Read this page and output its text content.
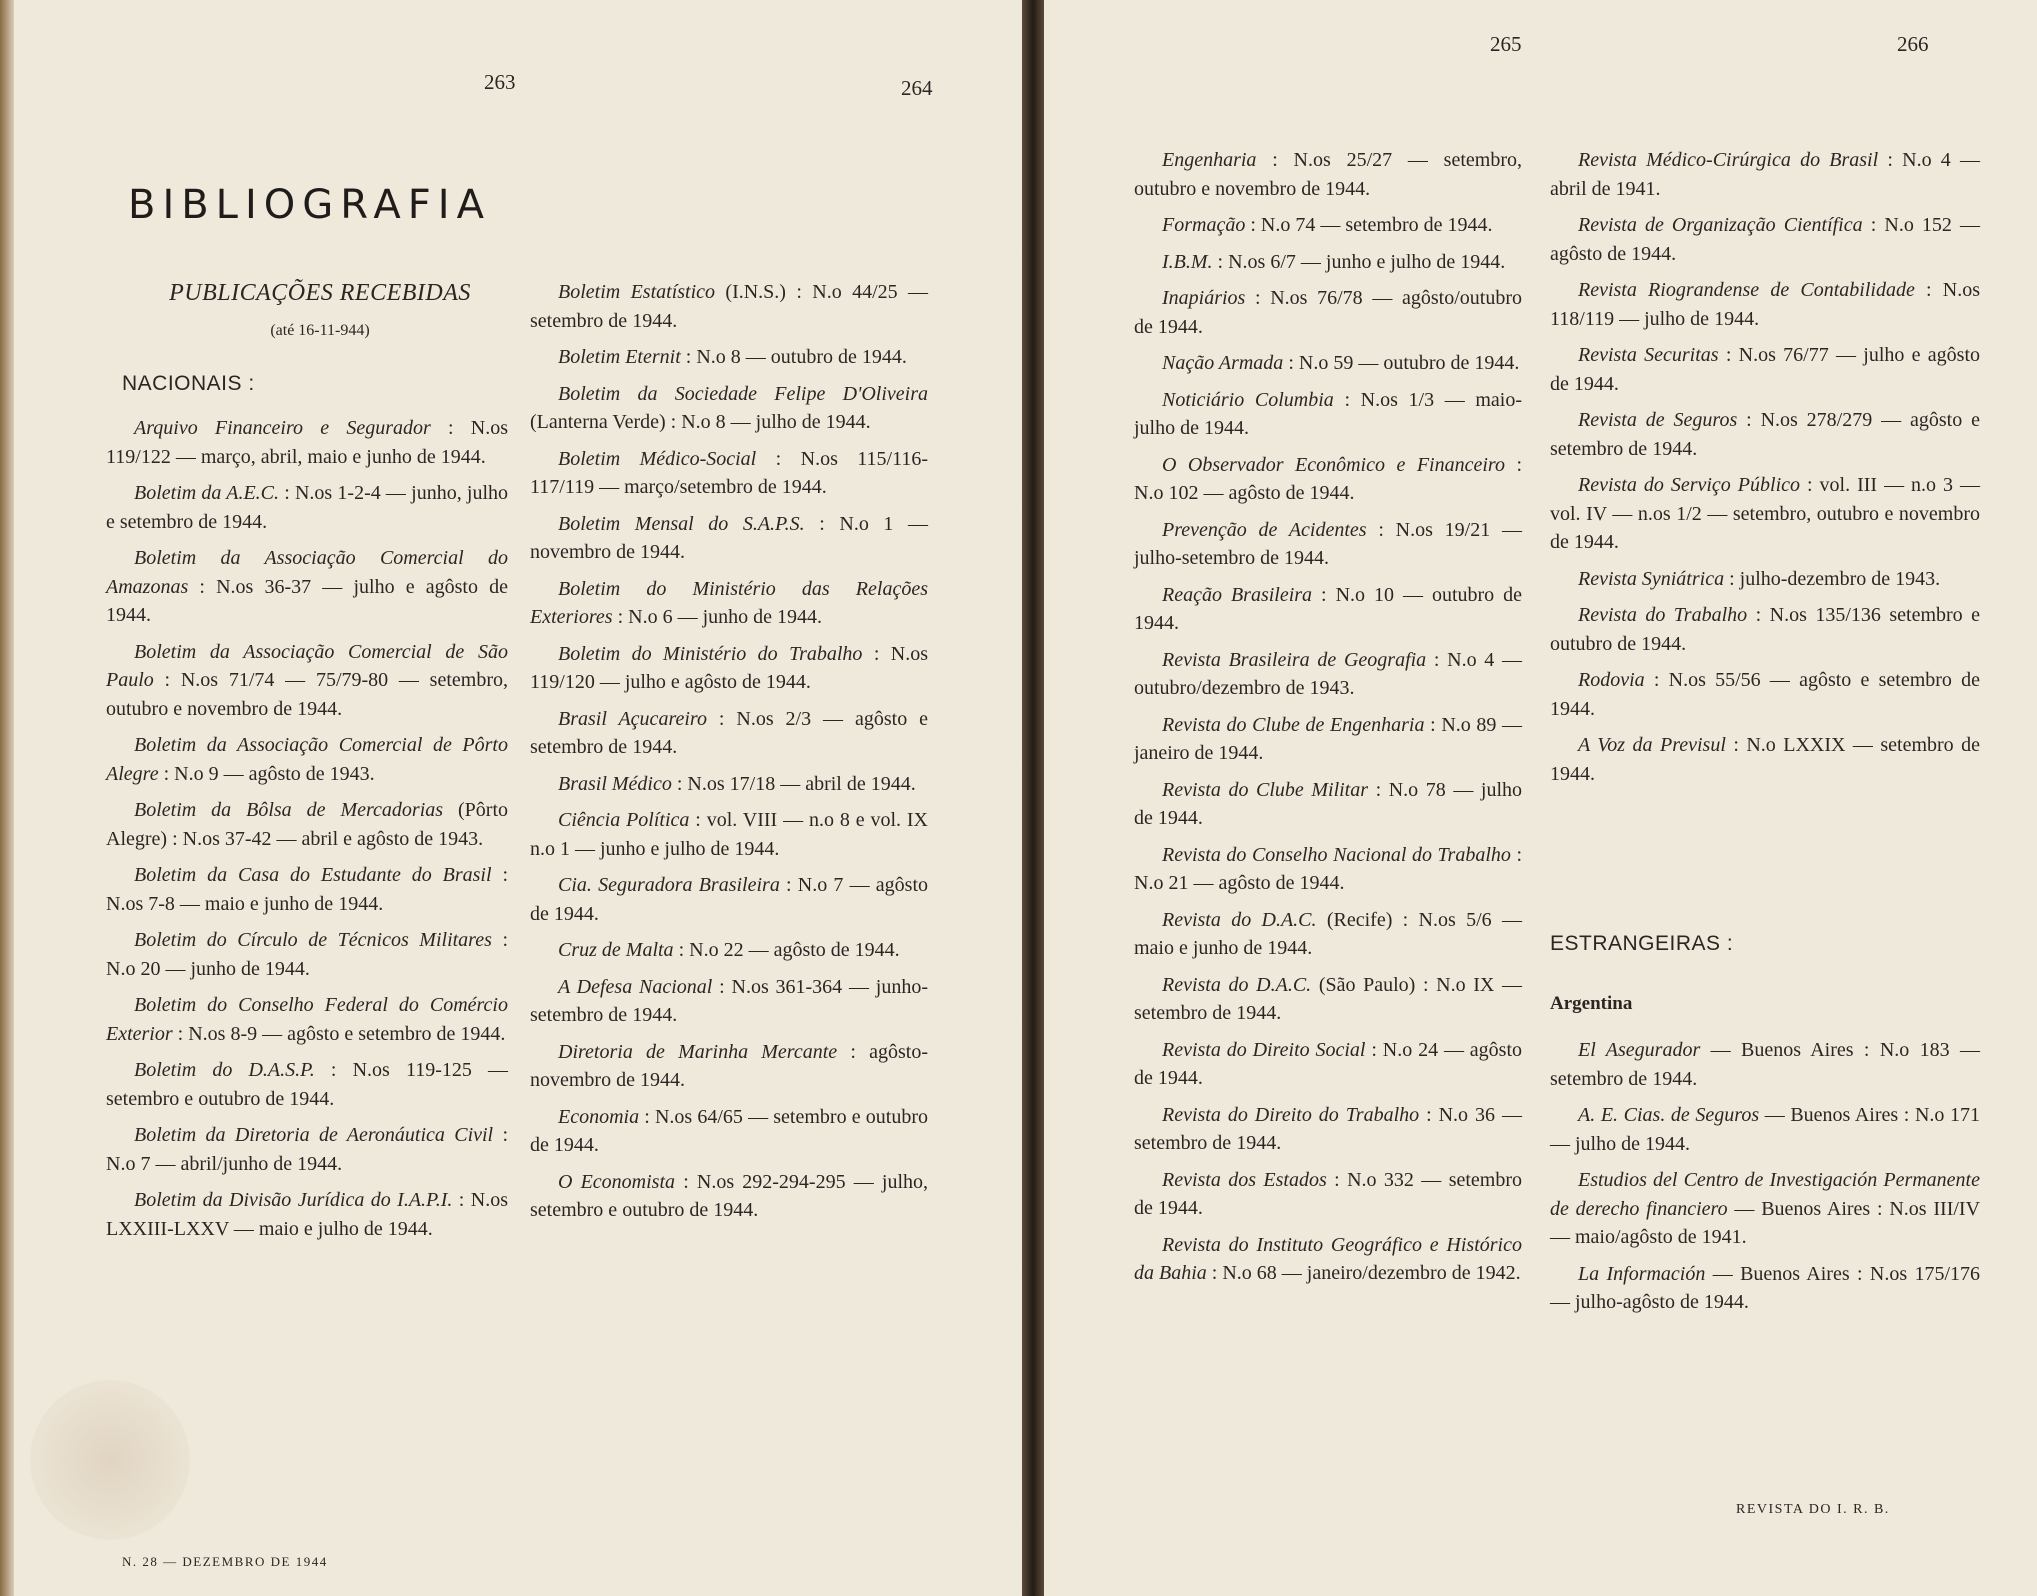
263	264
BIBLIOGRAFIA
PUBLICAÇÕES RECEBIDAS
(até 16-11-944)
NACIONAIS :

Arquivo Financeiro e Segurador : N.os 119/122 — março, abril, maio e junho de 1944.

Boletim da A.E.C. : N.os 1-2-4 — junho, julho e setembro de 1944.

Boletim da Associação Comercial do Amazonas : N.os 36-37 — julho e agôsto de 1944.

Boletim da Associação Comercial de São Paulo : N.os 71/74 — 75/79-80 — setembro, outubro e novembro de 1944.

Boletim da Associação Comercial de Pôrto Alegre : N.o 9 — agôsto de 1943.

Boletim da Bôlsa de Mercadorias (Pôrto Alegre) : N.os 37-42 — abril e agôsto de 1943.

Boletim da Casa do Estudante do Brasil : N.os 7-8 — maio e junho de 1944.

Boletim do Círculo de Técnicos Militares : N.o 20 — junho de 1944.

Boletim do Conselho Federal do Comércio Exterior : N.os 8-9 — agôsto e setembro de 1944.

Boletim do D.A.S.P. : N.os 119-125 — setembro e outubro de 1944.

Boletim da Diretoria de Aeronáutica Civil : N.o 7 — abril/junho de 1944.

Boletim da Divisão Jurídica do I.A.P.I. : N.os LXXIII-LXXV — maio e julho de 1944.

Boletim Estatístico (I.N.S.) : N.o 44/25 — setembro de 1944.

Boletim Eternit : N.o 8 — outubro de 1944.

Boletim da Sociedade Felipe D'Oliveira (Lanterna Verde) : N.o 8 — julho de 1944.

Boletim Médico-Social : N.os 115/116-117/119 — março/setembro de 1944.

Boletim Mensal do S.A.P.S. : N.o 1 — novembro de 1944.

Boletim do Ministério das Relações Exteriores : N.o 6 — junho de 1944.

Boletim do Ministério do Trabalho : N.os 119/120 — julho e agôsto de 1944.

Brasil Açucareiro : N.os 2/3 — agôsto e setembro de 1944.

Brasil Médico : N.os 17/18 — abril de 1944.

Ciência Política : vol. VIII — n.o 8 e vol. IX n.o 1 — junho e julho de 1944.

Cia. Seguradora Brasileira : N.o 7 — agôsto de 1944.

Cruz de Malta : N.o 22 — agôsto de 1944.

A Defesa Nacional : N.os 361-364 — junho-setembro de 1944.

Diretoria de Marinha Mercante : agôsto-novembro de 1944.

Economia : N.os 64/65 — setembro e outubro de 1944.

O Economista : N.os 292-294-295 — julho, setembro e outubro de 1944.

N. 28 — DEZEMBRO DE 1944
265	266

Engenharia : N.os 25/27 — setembro, outubro e novembro de 1944.

Formação : N.o 74 — setembro de 1944.

I.B.M. : N.os 6/7 — junho e julho de 1944.

Inapiários : N.os 76/78 — agôsto/outubro de 1944.

Nação Armada : N.o 59 — outubro de 1944.

Noticiário Columbia : N.os 1/3 — maio-julho de 1944.

O Observador Econômico e Financeiro : N.o 102 — agôsto de 1944.

Prevenção de Acidentes : N.os 19/21 — julho-setembro de 1944.

Reação Brasileira : N.o 10 — outubro de 1944.

Revista Brasileira de Geografia : N.o 4 — outubro/dezembro de 1943.

Revista do Clube de Engenharia : N.o 89 — janeiro de 1944.

Revista do Clube Militar : N.o 78 — julho de 1944.

Revista do Conselho Nacional do Trabalho : N.o 21 — agôsto de 1944.

Revista do D.A.C. (Recife) : N.os 5/6 — maio e junho de 1944.

Revista do D.A.C. (São Paulo) : N.o IX — setembro de 1944.

Revista do Direito Social : N.o 24 — agôsto de 1944.

Revista do Direito do Trabalho : N.o 36 — setembro de 1944.

Revista dos Estados : N.o 332 — setembro de 1944.

Revista do Instituto Geográfico e Histórico da Bahia : N.o 68 — janeiro/dezembro de 1942.

Revista Médico-Cirúrgica do Brasil : N.o 4 — abril de 1941.

Revista de Organização Científica : N.o 152 — agôsto de 1944.

Revista Riograndense de Contabilidade : N.os 118/119 — julho de 1944.

Revista Securitas : N.os 76/77 — julho e agôsto de 1944.

Revista de Seguros : N.os 278/279 — agôsto e setembro de 1944.

Revista do Serviço Público : vol. III — n.o 3 — vol. IV — n.os 1/2 — setembro, outubro e novembro de 1944.

Revista Syniátrica : julho-dezembro de 1943.

Revista do Trabalho : N.os 135/136 setembro e outubro de 1944.

Rodovia : N.os 55/56 — agôsto e setembro de 1944.

A Voz da Previsul : N.o LXXIX — setembro de 1944.

ESTRANGEIRAS :
Argentina

El Asegurador — Buenos Aires : N.o 183 — setembro de 1944.

A. E. Cias. de Seguros — Buenos Aires : N.o 171 — julho de 1944.

Estudios del Centro de Investigación Permanente de derecho financiero — Buenos Aires : N.os III/IV — maio/agôsto de 1941.

La Información — Buenos Aires : N.os 175/176 — julho-agôsto de 1944.

REVISTA DO I. R. B.
